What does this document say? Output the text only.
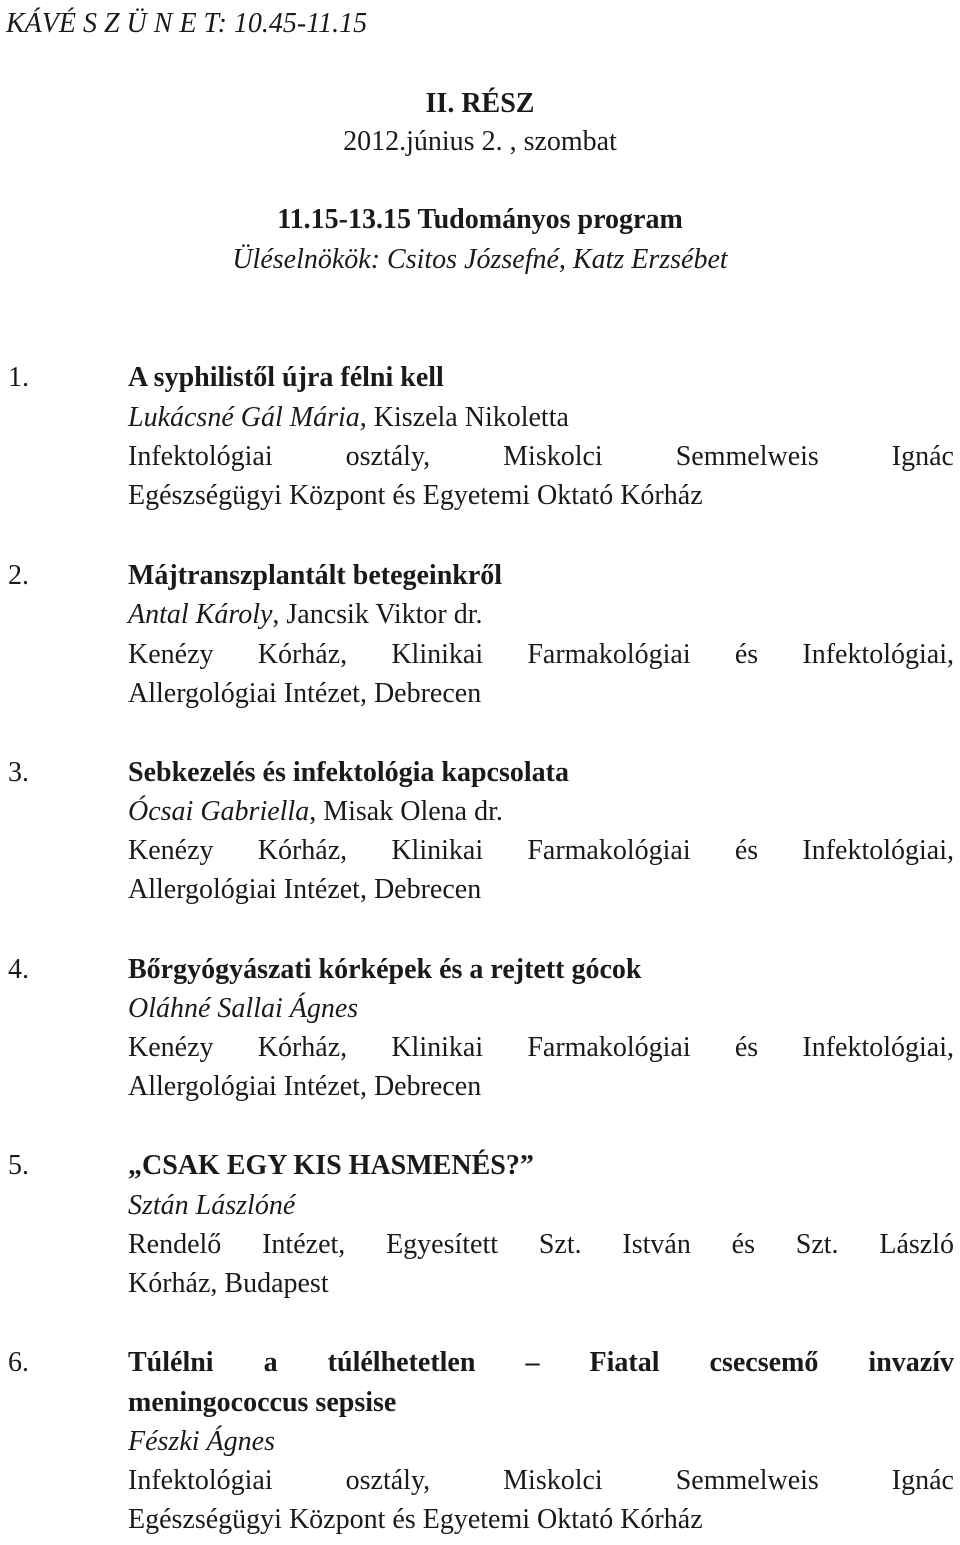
KÁVÉ S Z Ü N E T: 10.45-11.15
II. RÉSZ
2012.június 2. , szombat
11.15-13.15 Tudományos program
Üléselnökök: Csitos Józsefné, Katz Erzsébet
1.	A syphilistől újra félni kell
Lukácsné Gál Mária, Kiszela Nikoletta
Infektológiai osztály, Miskolci Semmelweis Ignác
Egészségügyi Központ és Egyetemi Oktató Kórház
2.	Májtranszplantált betegeinkről
Antal Károly, Jancsik Viktor dr.
Kenézy Kórház, Klinikai Farmakológiai és Infektológiai,
Allergológiai Intézet, Debrecen
3.	Sebkezelés és infektológia kapcsolata
Ócsai Gabriella, Misak Olena dr.
Kenézy Kórház, Klinikai Farmakológiai és Infektológiai,
Allergológiai Intézet, Debrecen
4.	Bőrgyógyászati kórképek és a rejtett gócok
Oláhné Sallai Ágnes
Kenézy Kórház, Klinikai Farmakológiai és Infektológiai,
Allergológiai Intézet, Debrecen
5.	„CSAK EGY KIS HASMENÉS?”
Sztán Lászlóné
Rendelő Intézet, Egyesített Szt. István és Szt. László
Kórház, Budapest
6.	Túlélni a túlélhetetlen – Fiatal csecsemő invazív
meningococcus sepsise
Fészki Ágnes
Infektológiai osztály, Miskolci Semmelweis Ignác
Egészségügyi Központ és Egyetemi Oktató Kórház
